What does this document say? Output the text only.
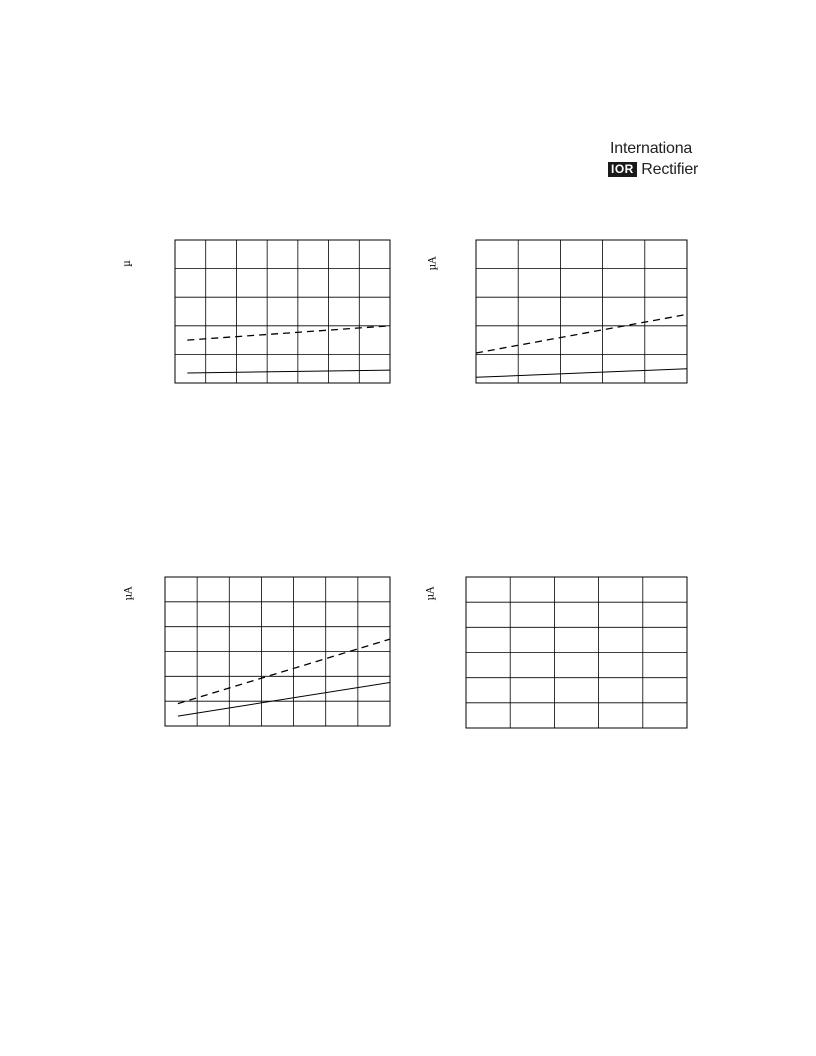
Internationa
IOR Rectifier
µ	µA
µA	µA
